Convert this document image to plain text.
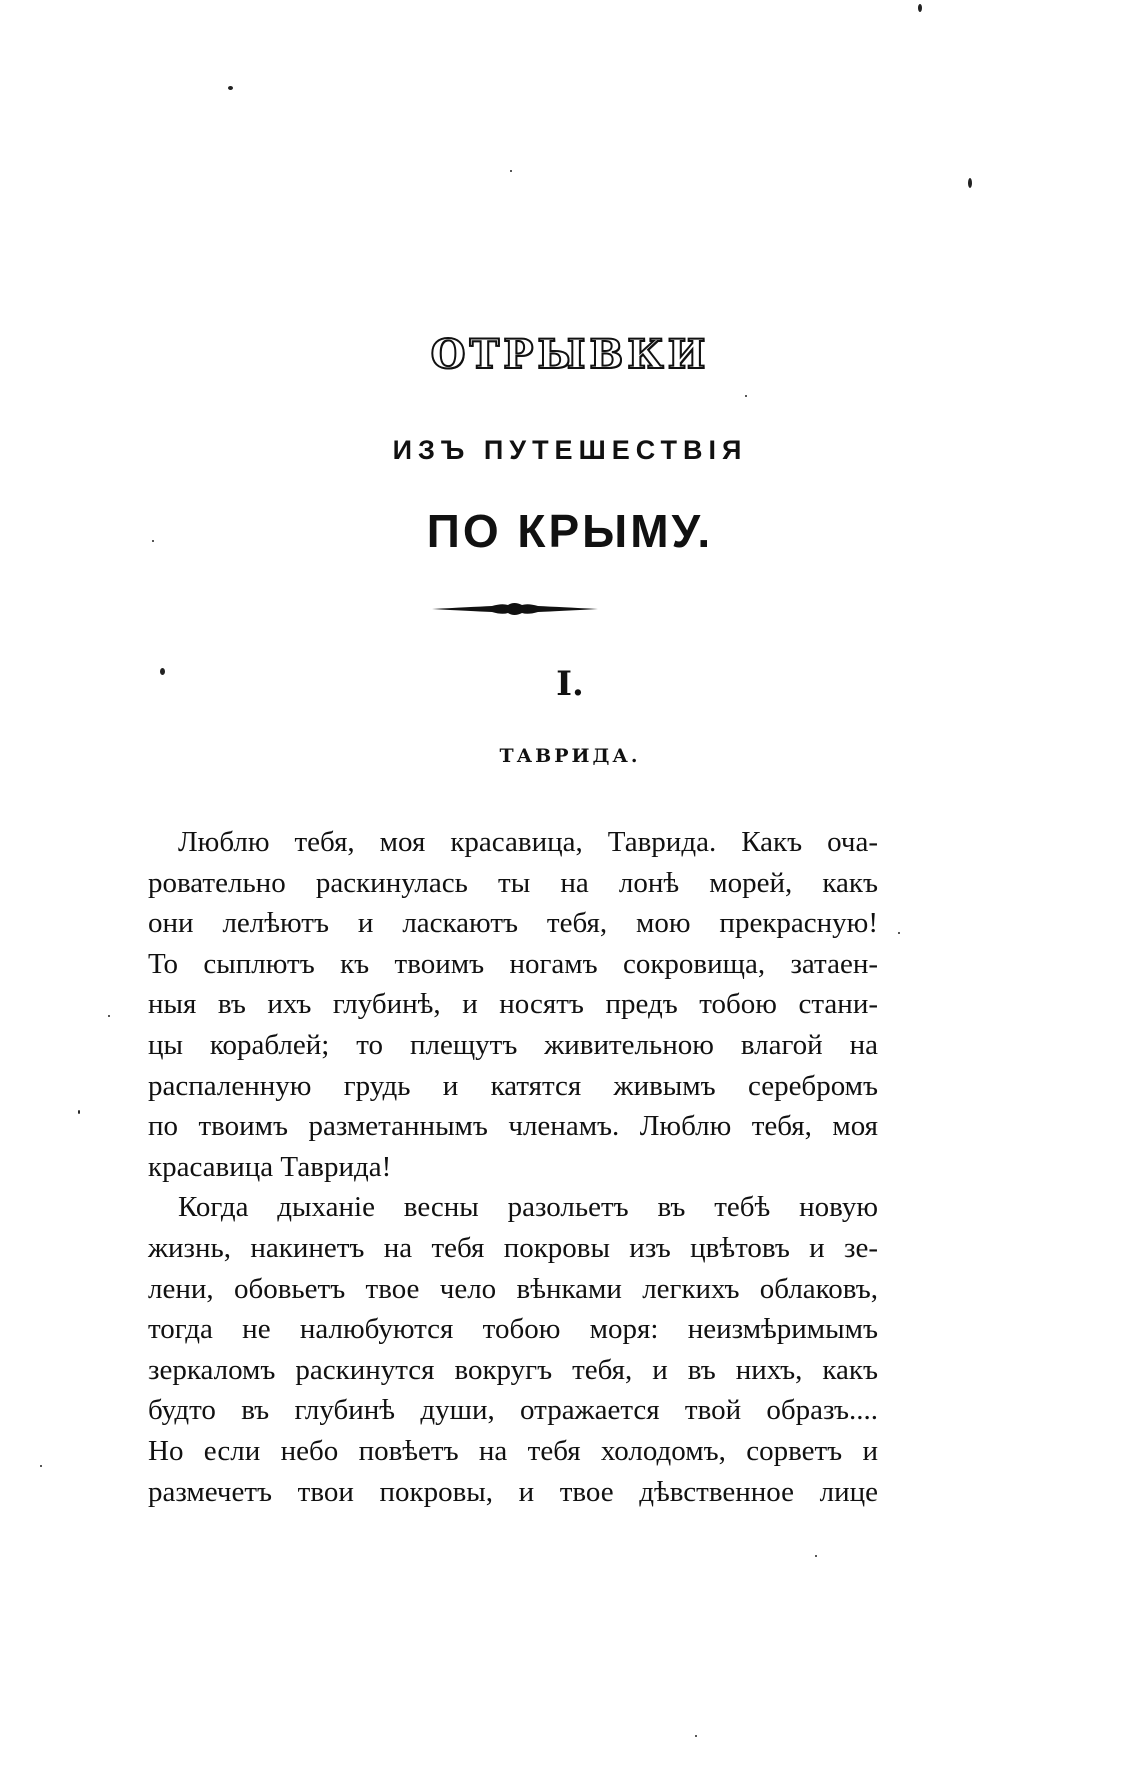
ОТРЫВКИ
ИЗЪ ПУТЕШЕСТВІЯ
ПО КРЫМУ.
I.
ТАВРИДА.
Люблю тебя, моя красавица, Таврида. Какъ оча-
ровательно раскинулась ты на лонѣ морей, какъ
они лелѣютъ и ласкаютъ тебя, мою прекрасную!
То сыплютъ къ твоимъ ногамъ сокровища, затаен-
ныя въ ихъ глубинѣ, и носятъ предъ тобою стани-
цы кораблей; то плещутъ живительною влагой на
распаленную грудь и катятся живымъ серебромъ
по твоимъ разметаннымъ членамъ. Люблю тебя, моя
красавица Таврида!
Когда дыханіе весны разольетъ въ тебѣ новую
жизнь, накинетъ на тебя покровы изъ цвѣтовъ и зе-
лени, обовьетъ твое чело вѣнками легкихъ облаковъ,
тогда не налюбуются тобою моря: неизмѣримымъ
зеркаломъ раскинутся вокругъ тебя, и въ нихъ, какъ
будто въ глубинѣ души, отражается твой образъ....
Но если небо повѣетъ на тебя холодомъ, сорветъ и
размечетъ твои покровы, и твое дѣвственное лице
